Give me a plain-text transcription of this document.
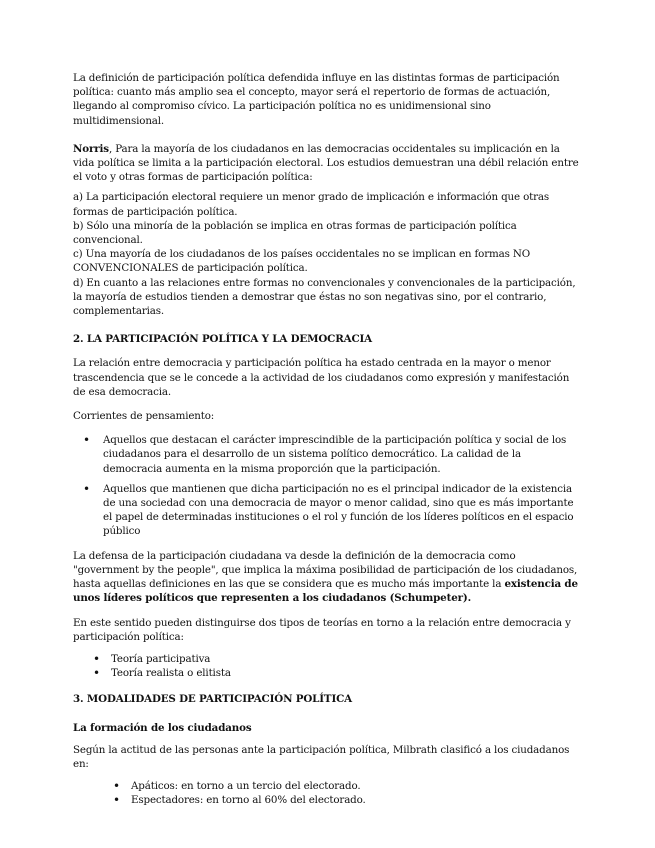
La definición de participación política defendida influye en las distintas formas de participación política: cuanto más amplio sea el concepto, mayor será el repertorio de formas de actuación, llegando al compromiso cívico. La participación política no es unidimensional sino multidimensional.

Norris, Para la mayoría de los ciudadanos en las democracias occidentales su implicación en la vida política se limita a la participación electoral. Los estudios demuestran una débil relación entre el voto y otras formas de participación política:

a) La participación electoral requiere un menor grado de implicación e información que otras formas de participación política.

b) Sólo una minoría de la población se implica en otras formas de participación política convencional.

c) Una mayoría de los ciudadanos de los países occidentales no se implican en formas NO CONVENCIONALES de participación política.

d) En cuanto a las relaciones entre formas no convencionales y convencionales de la participación, la mayoría de estudios tienden a demostrar que éstas no son negativas sino, por el contrario, complementarias.

2. LA PARTICIPACIÓN POLÍTICA Y LA DEMOCRACIA

La relación entre democracia y participación política ha estado centrada en la mayor o menor trascendencia que se le concede a la actividad de los ciudadanos como expresión y manifestación de esa democracia.

Corrientes de pensamiento:

• Aquellos que destacan el carácter imprescindible de la participación política y social de los ciudadanos para el desarrollo de un sistema político democrático. La calidad de la democracia aumenta en la misma proporción que la participación.
• Aquellos que mantienen que dicha participación no es el principal indicador de la existencia de una sociedad con una democracia de mayor o menor calidad, sino que es más importante el papel de determinadas instituciones o el rol y función de los líderes políticos en el espacio público

La defensa de la participación ciudadana va desde la definición de la democracia como "government by the people", que implica la máxima posibilidad de participación de los ciudadanos, hasta aquellas definiciones en las que se considera que es mucho más importante la existencia de unos líderes políticos que representen a los ciudadanos (Schumpeter).

En este sentido pueden distinguirse dos tipos de teorías en torno a la relación entre democracia y participación política:

• Teoría participativa
• Teoría realista o elitista
3. MODALIDADES DE PARTICIPACIÓN POLÍTICA
La formación de los ciudadanos

Según la actitud de las personas ante la participación política, Milbrath clasificó a los ciudadanos en:

• Apáticos: en torno a un tercio del electorado.
• Espectadores: en torno al 60% del electorado.
